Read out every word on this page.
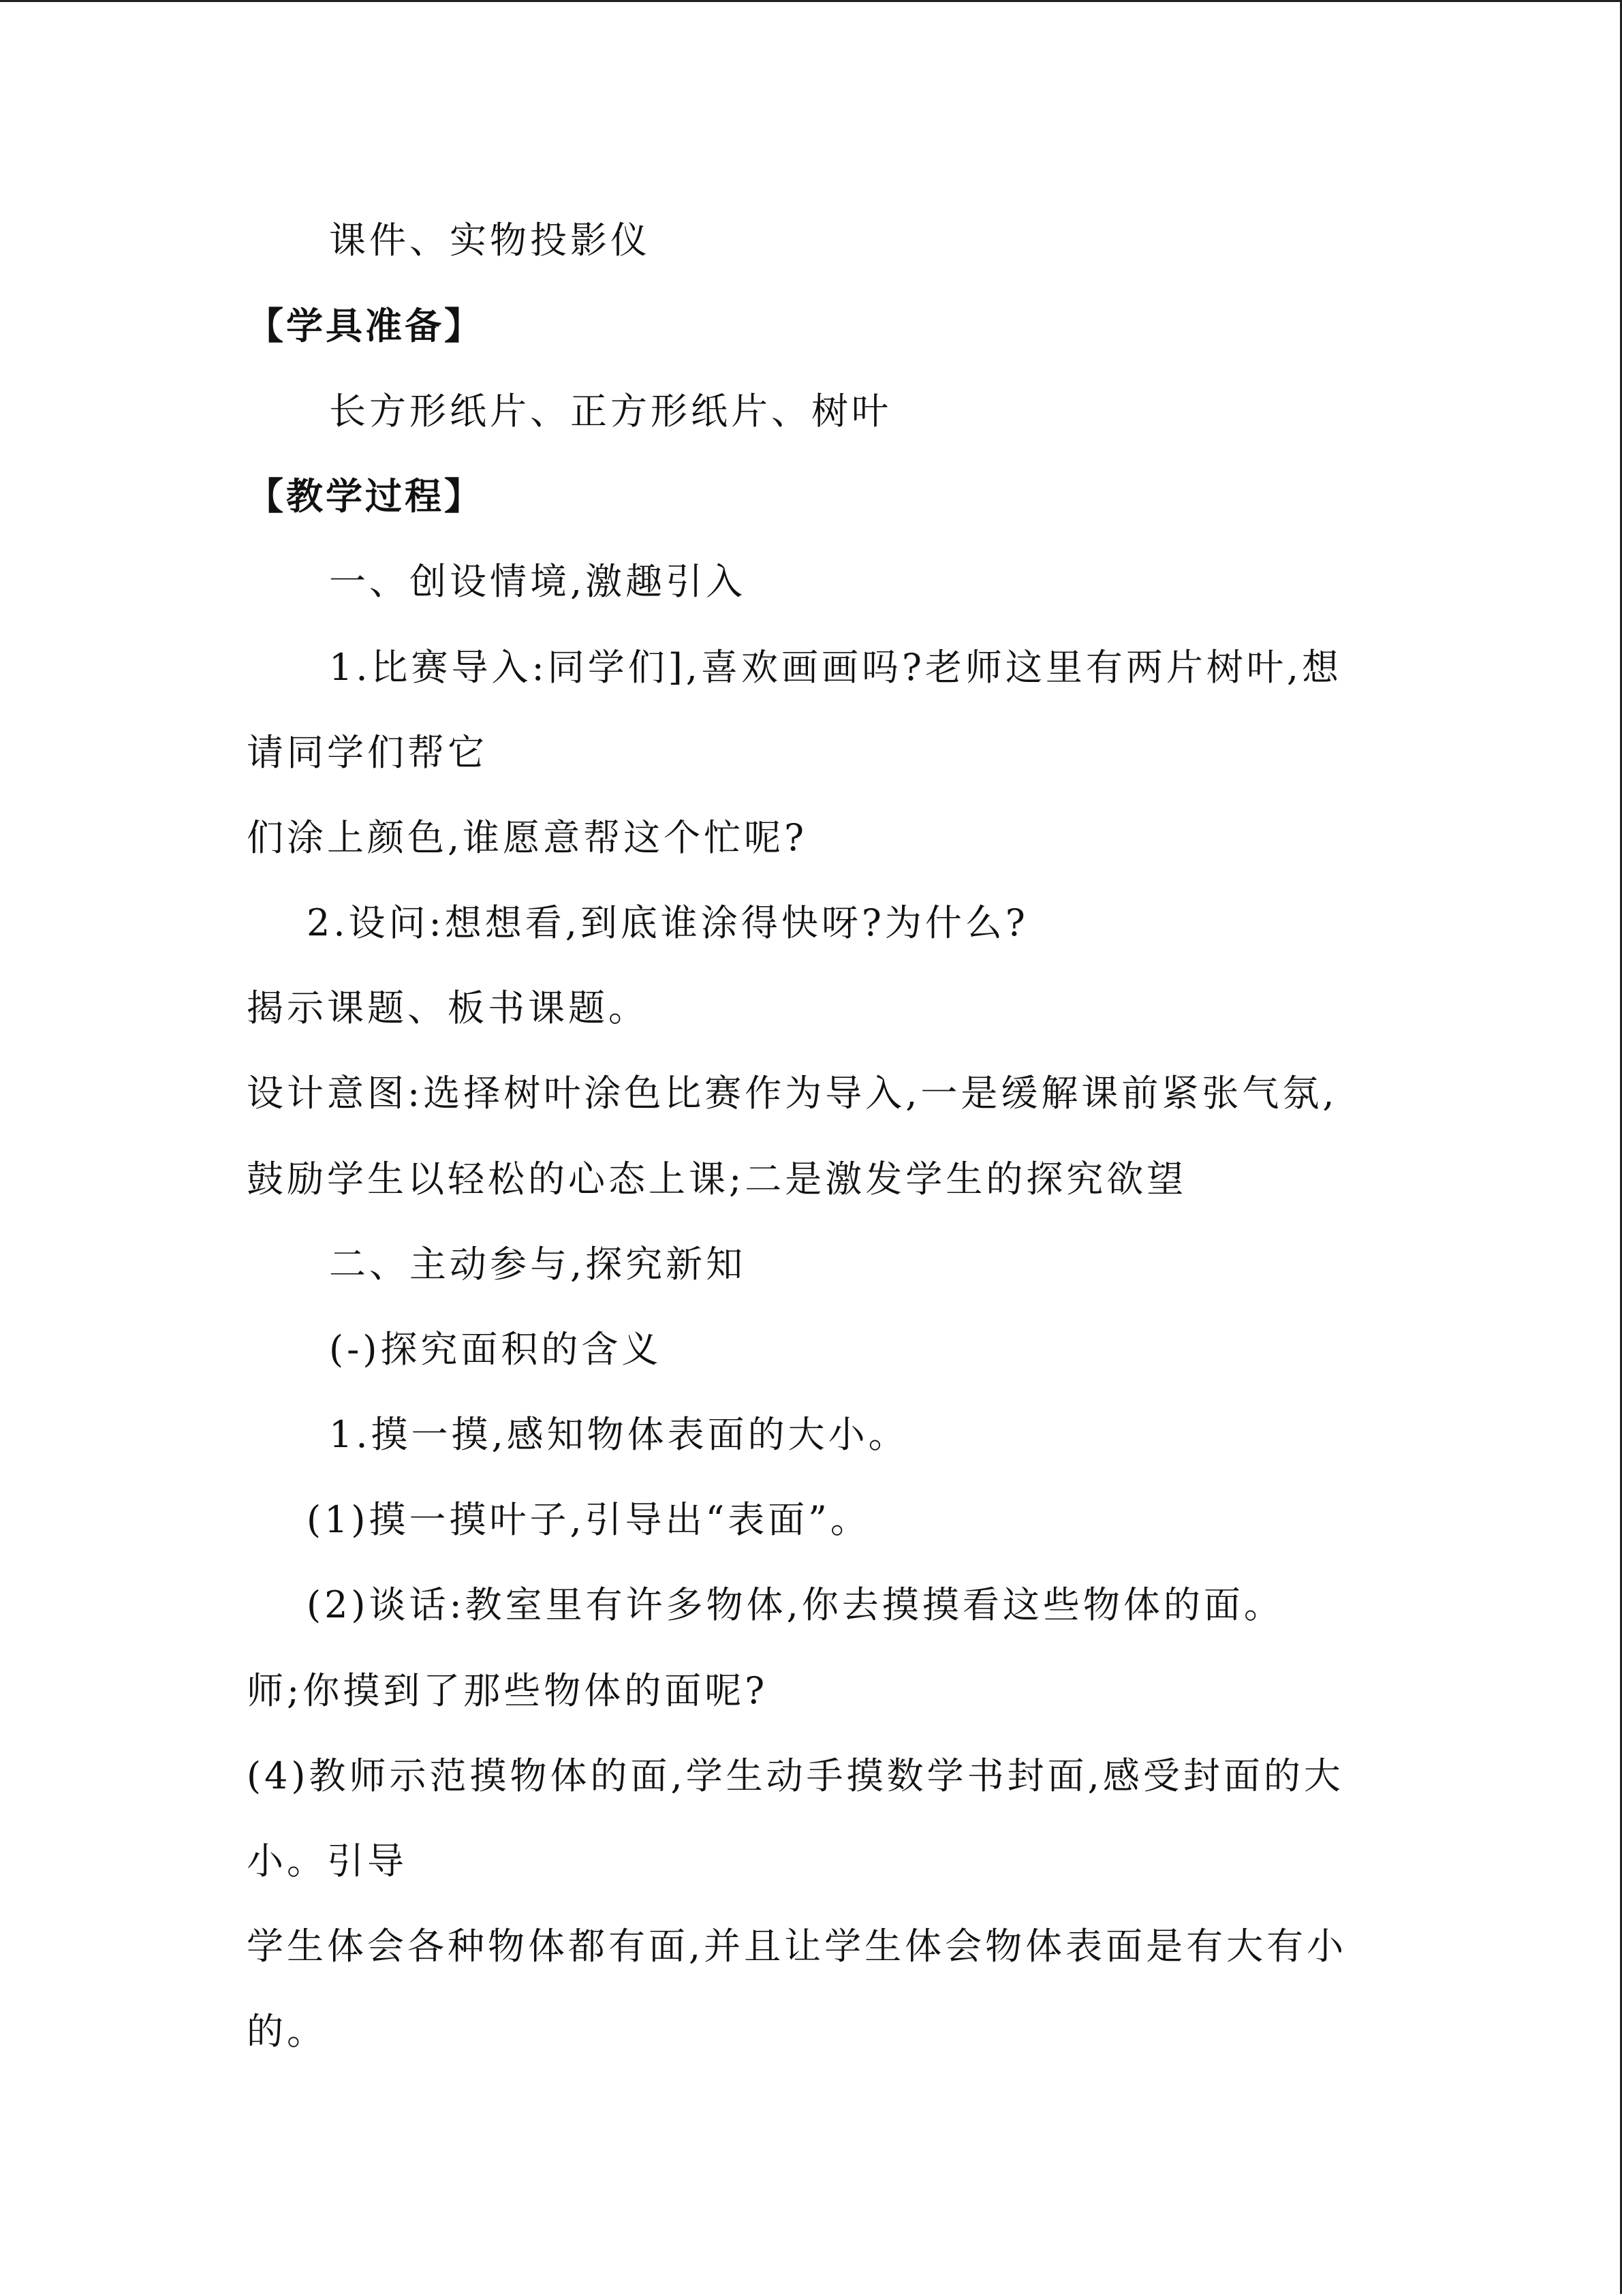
课件、实物投影仪

【学具准备】

长方形纸片、正方形纸片、树叶

【教学过程】

一、创设情境,激趣引入

1.比赛导入:同学们],喜欢画画吗?老师这里有两片树叶,想

请同学们帮它

们涂上颜色,谁愿意帮这个忙呢?

2.设问:想想看,到底谁涂得快呀?为什么?

揭示课题、板书课题。

设计意图:选择树叶涂色比赛作为导入,一是缓解课前紧张气氛,

鼓励学生以轻松的心态上课;二是激发学生的探究欲望

二、主动参与,探究新知

(-)探究面积的含义

1.摸一摸,感知物体表面的大小。

(1)摸一摸叶子,引导出“表面”。

(2)谈话:教室里有许多物体,你去摸摸看这些物体的面。

师;你摸到了那些物体的面呢?

(4)教师示范摸物体的面,学生动手摸数学书封面,感受封面的大

小。引导

学生体会各种物体都有面,并且让学生体会物体表面是有大有小

的。
